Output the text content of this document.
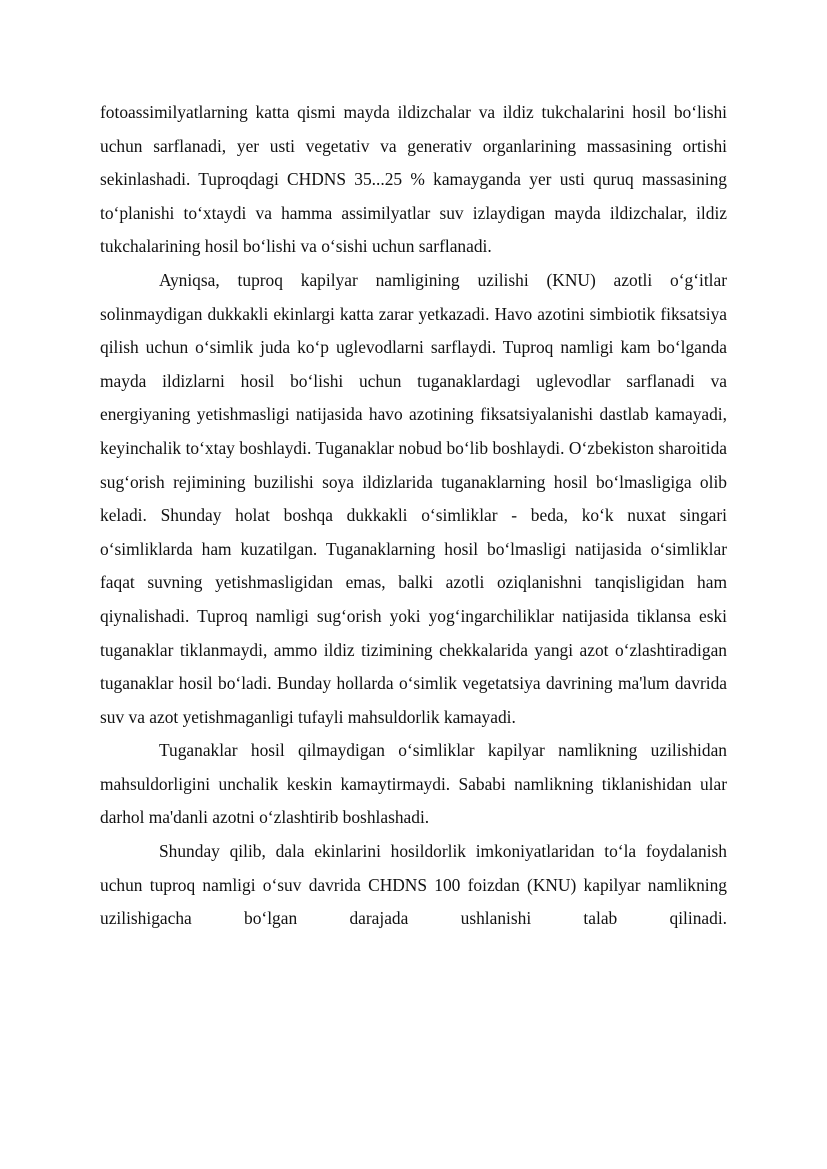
fotoassimilyatlarning katta qismi mayda ildizchalar va ildiz tukchalarini hosil bo‘lishi uchun sarflanadi, yer usti vegetativ va generativ organlarining massasining ortishi sekinlashadi. Tuproqdagi CHDNS 35...25 % kamayganda yer usti quruq massasining to‘planishi to‘xtaydi va hamma assimilyatlar suv izlaydigan mayda ildizchalar, ildiz tukchalarining hosil bo‘lishi va o‘sishi uchun sarflanadi.

Ayniqsa, tuproq kapilyar namligining uzilishi (KNU) azotli o‘g‘itlar solinmaydigan dukkakli ekinlargi katta zarar yetkazadi. Havo azotini simbiotik fiksatsiya qilish uchun o‘simlik juda ko‘p uglevodlarni sarflaydi. Tuproq namligi kam bo‘lganda mayda ildizlarni hosil bo‘lishi uchun tuganaklardagi uglevodlar sarflanadi va energiyaning yetishmasligi natijasida havo azotining fiksatsiyalanishi dastlab kamayadi, keyinchalik to‘xtay boshlaydi. Tuganaklar nobud bo‘lib boshlaydi. O‘zbekiston sharoitida sug‘orish rejimining buzilishi soya ildizlarida tuganaklarning hosil bo‘lmasligiga olib keladi. Shunday holat boshqa dukkakli o‘simliklar - beda, ko‘k nuxat singari o‘simliklarda ham kuzatilgan. Tuganaklarning hosil bo‘lmasligi natijasida o‘simliklar faqat suvning yetishmasligidan emas, balki azotli oziqlanishni tanqisligidan ham qiynalishadi. Tuproq namligi sug‘orish yoki yog‘ingarchiliklar natijasida tiklansa eski tuganaklar tiklanmaydi, ammo ildiz tizimining chekkalarida yangi azot o‘zlashtiradigan tuganaklar hosil bo‘ladi. Bunday hollarda o‘simlik vegetatsiya davrining ma'lum davrida suv va azot yetishmaganligi tufayli mahsuldorlik kamayadi.

Tuganaklar hosil qilmaydigan o‘simliklar kapilyar namlikning uzilishidan mahsuldorligini unchalik keskin kamaytirmaydi. Sababi namlikning tiklanishidan ular darhol ma'danli azotni o‘zlashtirib boshlashadi.

Shunday qilib, dala ekinlarini hosildorlik imkoniyatlaridan to‘la foydalanish uchun tuproq namligi o‘suv davrida CHDNS 100 foizdan (KNU) kapilyar namlikning uzilishigacha bo‘lgan darajada ushlanishi talab qilinadi.
